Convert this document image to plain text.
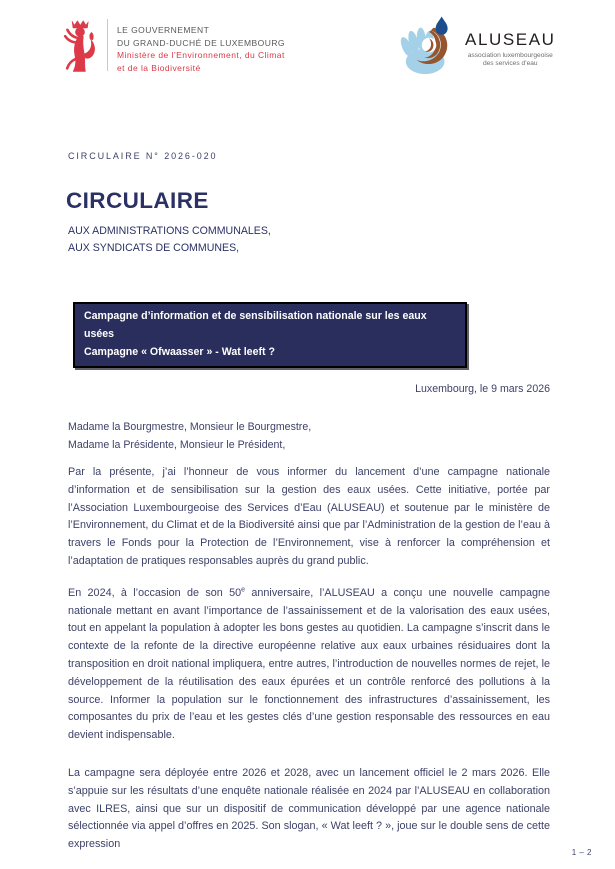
LE GOUVERNEMENT
DU GRAND-DUCHÉ DE LUXEMBOURG
Ministère de l’Environnement, du Climat
et de la Biodiversité
ALUSEAU
association luxembourgeoise
des services d’eau
CIRCULAIRE N° 2026-020
CIRCULAIRE
AUX ADMINISTRATIONS COMMUNALES,
AUX SYNDICATS DE COMMUNES,
Campagne d’information et de sensibilisation nationale sur les eaux usées
Campagne « Ofwaasser » - Wat leeft ?
Luxembourg, le 9 mars 2026
Madame la Bourgmestre, Monsieur le Bourgmestre,
Madame la Présidente, Monsieur le Président,

Par la présente, j’ai l’honneur de vous informer du lancement d’une campagne nationale d’information et de sensibilisation sur la gestion des eaux usées. Cette initiative, portée par l’Association Luxembourgeoise des Services d’Eau (ALUSEAU) et soutenue par le ministère de l’Environnement, du Climat et de la Biodiversité ainsi que par l’Administration de la gestion de l’eau à travers le Fonds pour la Protection de l’Environnement, vise à renforcer la compréhension et l’adaptation de pratiques responsables auprès du grand public.

En 2024, à l’occasion de son 50e anniversaire, l’ALUSEAU a conçu une nouvelle campagne nationale mettant en avant l’importance de l’assainissement et de la valorisation des eaux usées, tout en appelant la population à adopter les bons gestes au quotidien. La campagne s’inscrit dans le contexte de la refonte de la directive européenne relative aux eaux urbaines résiduaires dont la transposition en droit national impliquera, entre autres, l’introduction de nouvelles normes de rejet, le développement de la réutilisation des eaux épurées et un contrôle renforcé des pollutions à la source. Informer la population sur le fonctionnement des infrastructures d’assainissement, les composantes du prix de l’eau et les gestes clés d’une gestion responsable des ressources en eau devient indispensable.

La campagne sera déployée entre 2026 et 2028, avec un lancement officiel le 2 mars 2026. Elle s’appuie sur les résultats d’une enquête nationale réalisée en 2024 par l’ALUSEAU en collaboration avec ILRES, ainsi que sur un dispositif de communication développé par une agence nationale sélectionnée via appel d’offres en 2025. Son slogan, « Wat leeft ? », joue sur le double sens de cette expression

1 – 2
